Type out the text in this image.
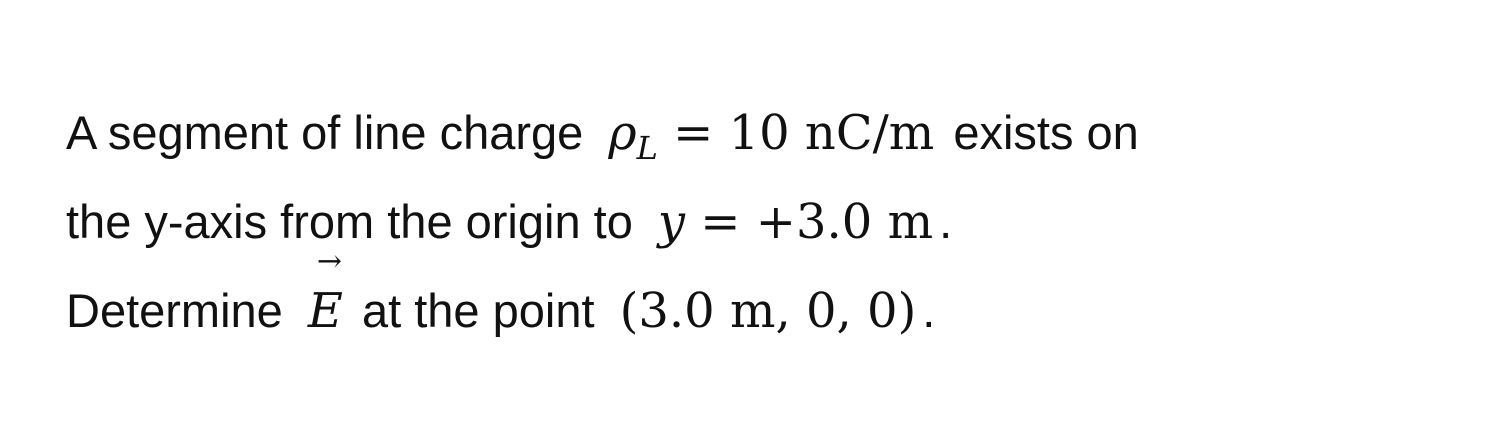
A segment of line charge $\rho_L = 10$ nC/m exists on
the y-axis from the origin to y = +3.0 m .
Determine
→
E at the point (3.0 m, 0, 0) .
